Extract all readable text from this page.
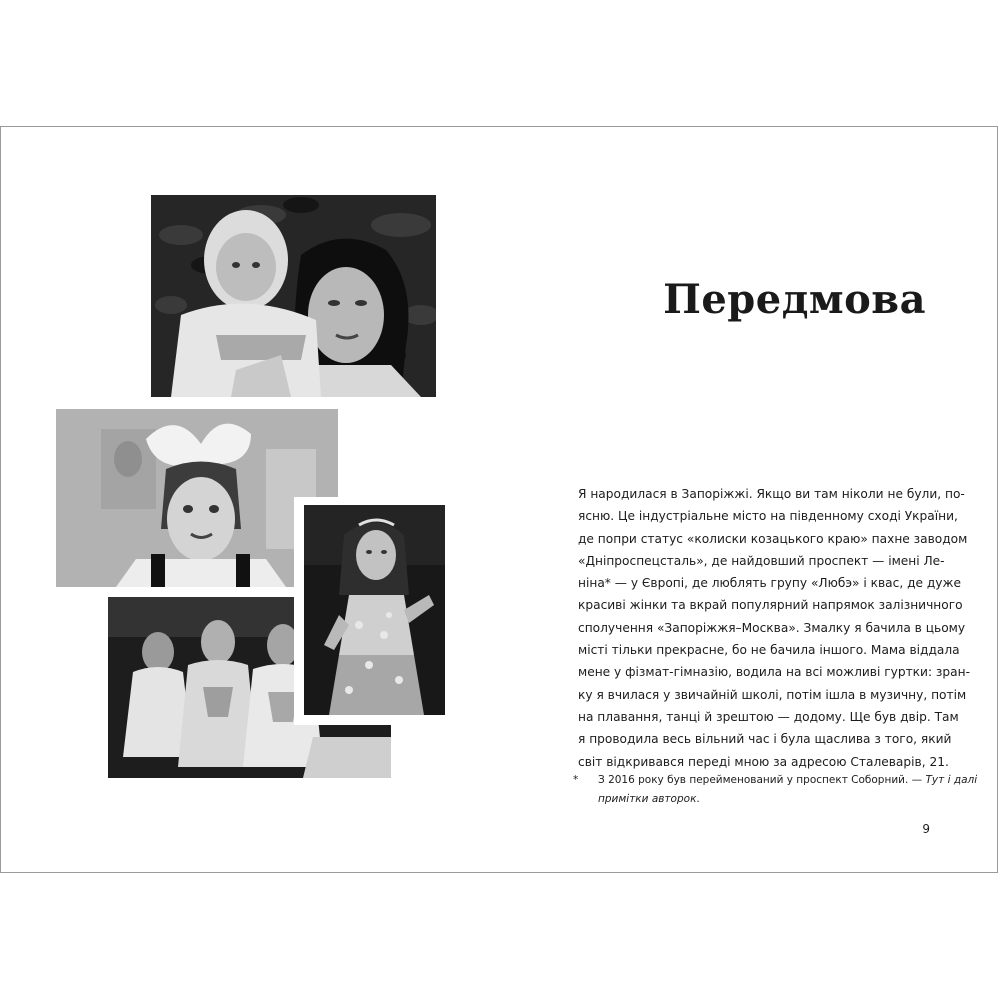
Передмова
Я народилася в Запоріжжі. Якщо ви там ніколи не були, по-
ясню. Це індустріальне місто на південному сході України,
де попри статус «колиски козацького краю» пахне заводом
«Дніпроспецсталь», де найдовший проспект — імені Ле-
ніна* — у Європі, де люблять групу «Любэ» і квас, де дуже
красиві жінки та вкрай популярний напрямок залізничного
сполучення «Запоріжжя–Москва». Змалку я бачила в цьому
місті тільки прекрасне, бо не бачила іншого. Мама віддала
мене у фізмат-гімназію, водила на всі можливі гуртки: зран-
ку я вчилася у звичайній школі, потім ішла в музичну, потім
на плавання, танці й зрештою — додому. Ще був двір. Там
я проводила весь вільний час і була щаслива з того, який
світ відкривався переді мною за адресою Сталеварів, 21.
* З 2016 року був перейменований у проспект Соборний. — Тут і далі
примітки авторок.
9
